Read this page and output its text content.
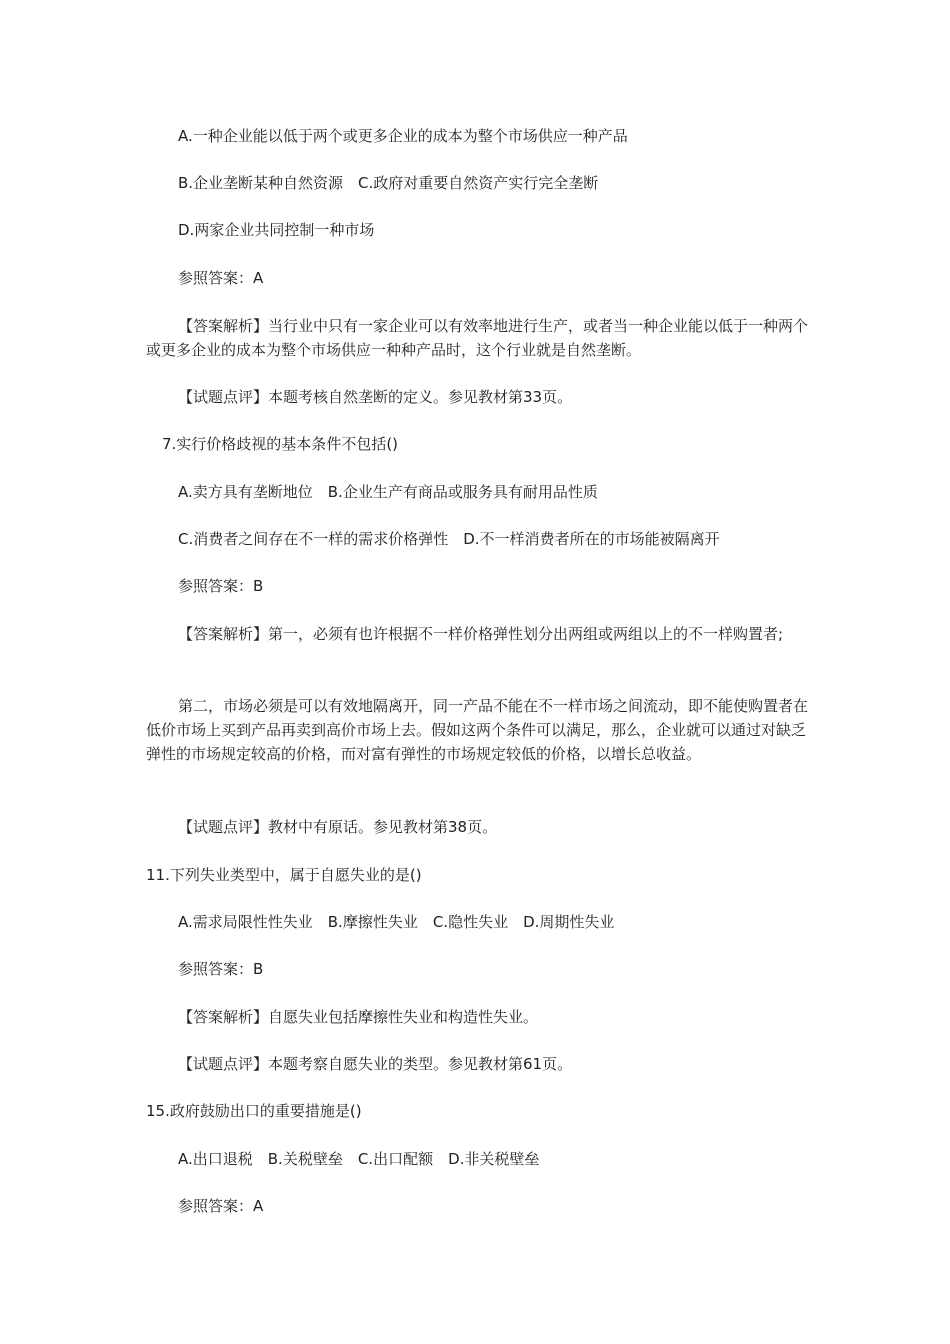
A.一种企业能以低于两个或更多企业的成本为整个市场供应一种产品
B.企业垄断某种自然资源　C.政府对重要自然资产实行完全垄断
D.两家企业共同控制一种市场
参照答案：A
【答案解析】当行业中只有一家企业可以有效率地进行生产，或者当一种企业能以低于一种两个或更多企业的成本为整个市场供应一种种产品时，这个行业就是自然垄断。
【试题点评】本题考核自然垄断的定义。参见教材第33页。
7.实行价格歧视的基本条件不包括()
A.卖方具有垄断地位　B.企业生产有商品或服务具有耐用品性质
C.消费者之间存在不一样的需求价格弹性　D.不一样消费者所在的市场能被隔离开
参照答案：B
【答案解析】第一，必须有也许根据不一样价格弹性划分出两组或两组以上的不一样购置者;
第二，市场必须是可以有效地隔离开，同一产品不能在不一样市场之间流动，即不能使购置者在低价市场上买到产品再卖到高价市场上去。假如这两个条件可以满足，那么，企业就可以通过对缺乏弹性的市场规定较高的价格，而对富有弹性的市场规定较低的价格，以增长总收益。
【试题点评】教材中有原话。参见教材第38页。
11.下列失业类型中，属于自愿失业的是()
A.需求局限性性失业　B.摩擦性失业　C.隐性失业　D.周期性失业
参照答案：B
【答案解析】自愿失业包括摩擦性失业和构造性失业。
【试题点评】本题考察自愿失业的类型。参见教材第61页。
15.政府鼓励出口的重要措施是()
A.出口退税　B.关税壁垒　C.出口配额　D.非关税壁垒
参照答案：A
